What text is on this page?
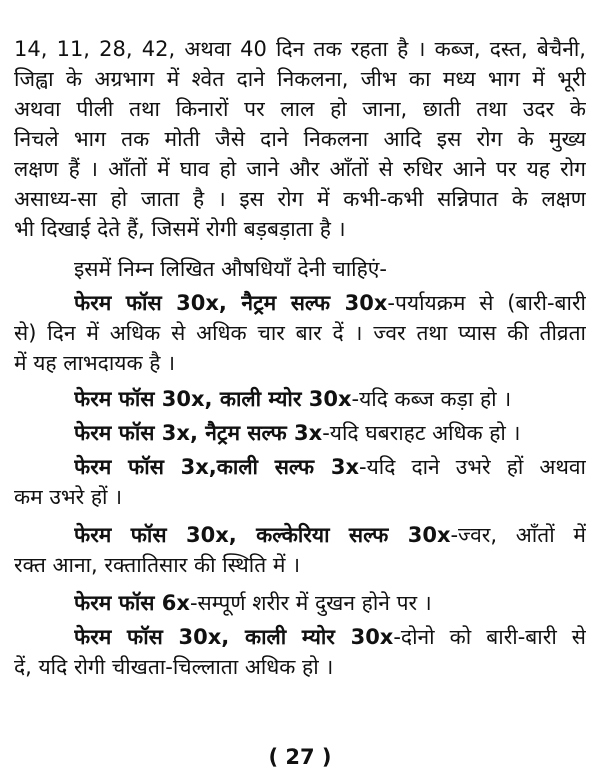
14, 11, 28, 42, अथवा 40 दिन तक रहता है । कब्ज, दस्त, बेचैनी,
जिह्वा के अग्रभाग में श्वेत दाने निकलना, जीभ का मध्य भाग में भूरी
अथवा पीली तथा किनारों पर लाल हो जाना, छाती तथा उदर के
निचले भाग तक मोती जैसे दाने निकलना आदि इस रोग के मुख्य
लक्षण हैं । आँतों में घाव हो जाने और आँतों से रुधिर आने पर यह रोग
असाध्य-सा हो जाता है । इस रोग में कभी-कभी सन्निपात के लक्षण
भी दिखाई देते हैं, जिसमें रोगी बड़बड़ाता है ।
इसमें निम्न लिखित औषधियाँ देनी चाहिएं-
फेरम फॉस 30x, नैट्रम सल्फ 30x-पर्यायक्रम से (बारी-बारी
से) दिन में अधिक से अधिक चार बार दें । ज्वर तथा प्यास की तीव्रता
में यह लाभदायक है ।
फेरम फॉस 30x, काली म्योर 30x-यदि कब्ज कड़ा हो ।
फेरम फॉस 3x, नैट्रम सल्फ 3x-यदि घबराहट अधिक हो ।
फेरम फॉस 3x,काली सल्फ 3x-यदि दाने उभरे हों अथवा
कम उभरे हों ।
फेरम फॉस 30x, कल्केरिया सल्फ 30x-ज्वर, आँतों में
रक्त आना, रक्तातिसार की स्थिति में ।
फेरम फॉस 6x-सम्पूर्ण शरीर में दुखन होने पर ।
फेरम फॉस 30x, काली म्योर 30x-दोनो को बारी-बारी से
दें, यदि रोगी चीखता-चिल्लाता अधिक हो ।
( 27 )
